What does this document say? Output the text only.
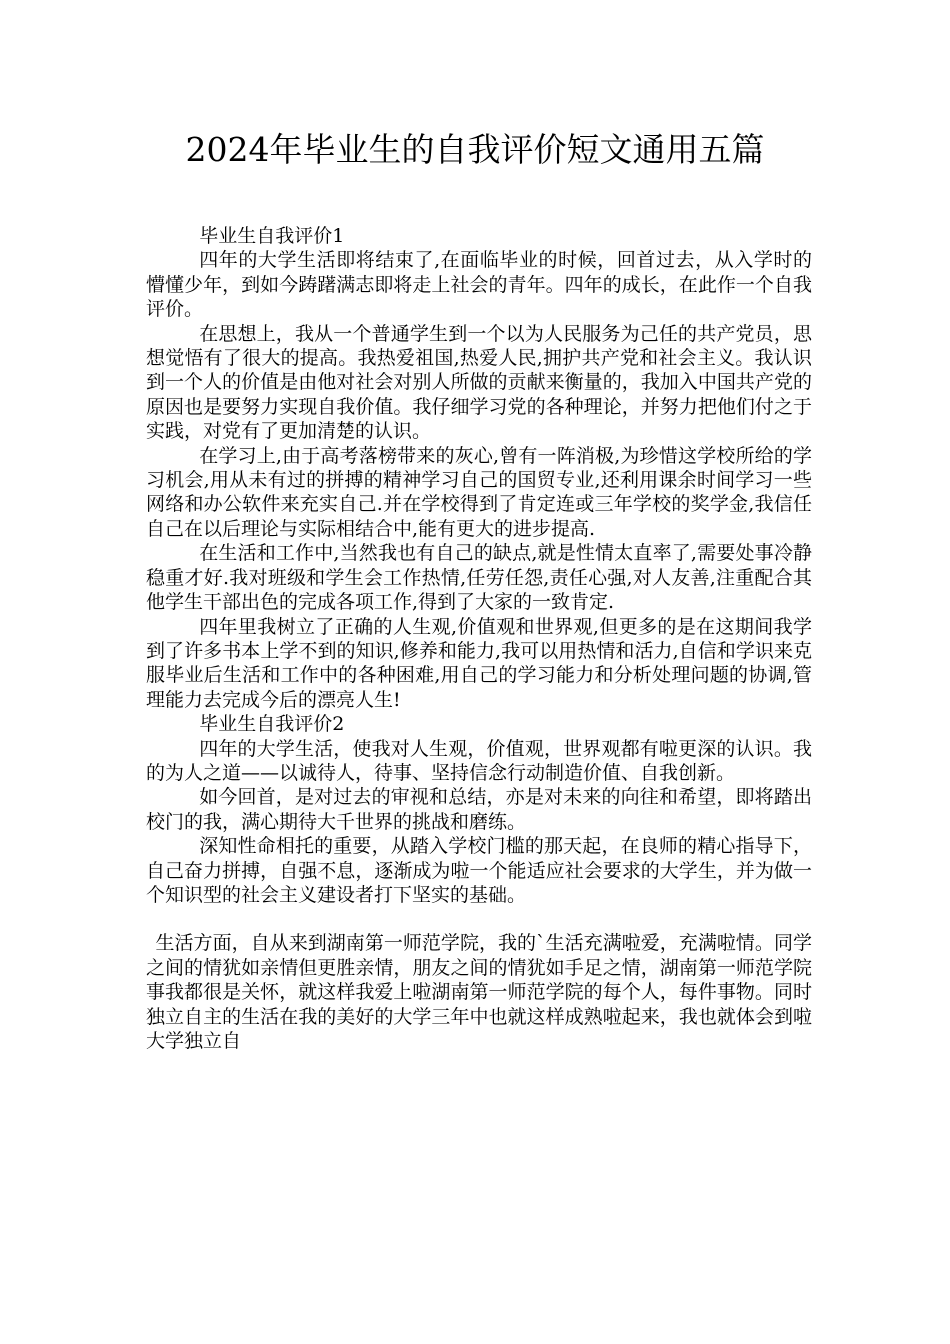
2024年毕业生的自我评价短文通用五篇

毕业生自我评价1

四年的大学生活即将结束了,在面临毕业的时候，回首过去，从入学时的懵懂少年，到如今踌躇满志即将走上社会的青年。四年的成长，在此作一个自我评价。

在思想上，我从一个普通学生到一个以为人民服务为己任的共产党员，思想觉悟有了很大的提高。我热爱祖国,热爱人民,拥护共产党和社会主义。我认识到一个人的价值是由他对社会对别人所做的贡献来衡量的，我加入中国共产党的原因也是要努力实现自我价值。我仔细学习党的各种理论，并努力把他们付之于实践，对党有了更加清楚的认识。

在学习上,由于高考落榜带来的灰心,曾有一阵消极,为珍惜这学校所给的学习机会,用从未有过的拼搏的精神学习自己的国贸专业,还利用课余时间学习一些网络和办公软件来充实自己.并在学校得到了肯定连或三年学校的奖学金,我信任自己在以后理论与实际相结合中,能有更大的进步提高.

在生活和工作中,当然我也有自己的缺点,就是性情太直率了,需要处事冷静稳重才好.我对班级和学生会工作热情,任劳任怨,责任心强,对人友善,注重配合其他学生干部出色的完成各项工作,得到了大家的一致肯定.

四年里我树立了正确的人生观,价值观和世界观,但更多的是在这期间我学到了许多书本上学不到的知识,修养和能力,我可以用热情和活力,自信和学识来克服毕业后生活和工作中的各种困难,用自己的学习能力和分析处理问题的协调,管理能力去完成今后的漂亮人生!

毕业生自我评价2

四年的大学生活，使我对人生观，价值观，世界观都有啦更深的认识。我的为人之道——以诚待人，待事、坚持信念行动制造价值、自我创新。

如今回首，是对过去的审视和总结，亦是对未来的向往和希望，即将踏出校门的我，满心期待大千世界的挑战和磨练。

深知性命相托的重要，从踏入学校门槛的那天起，在良师的精心指导下，自己奋力拼搏，自强不息，逐渐成为啦一个能适应社会要求的大学生，并为做一个知识型的社会主义建设者打下坚实的基础。

生活方面，自从来到湖南第一师范学院，我的`生活充满啦爱，充满啦情。同学之间的情犹如亲情但更胜亲情，朋友之间的情犹如手足之情，湖南第一师范学院事我都很是关怀，就这样我爱上啦湖南第一师范学院的每个人，每件事物。同时独立自主的生活在我的美好的大学三年中也就这样成熟啦起来，我也就体会到啦大学独立自
